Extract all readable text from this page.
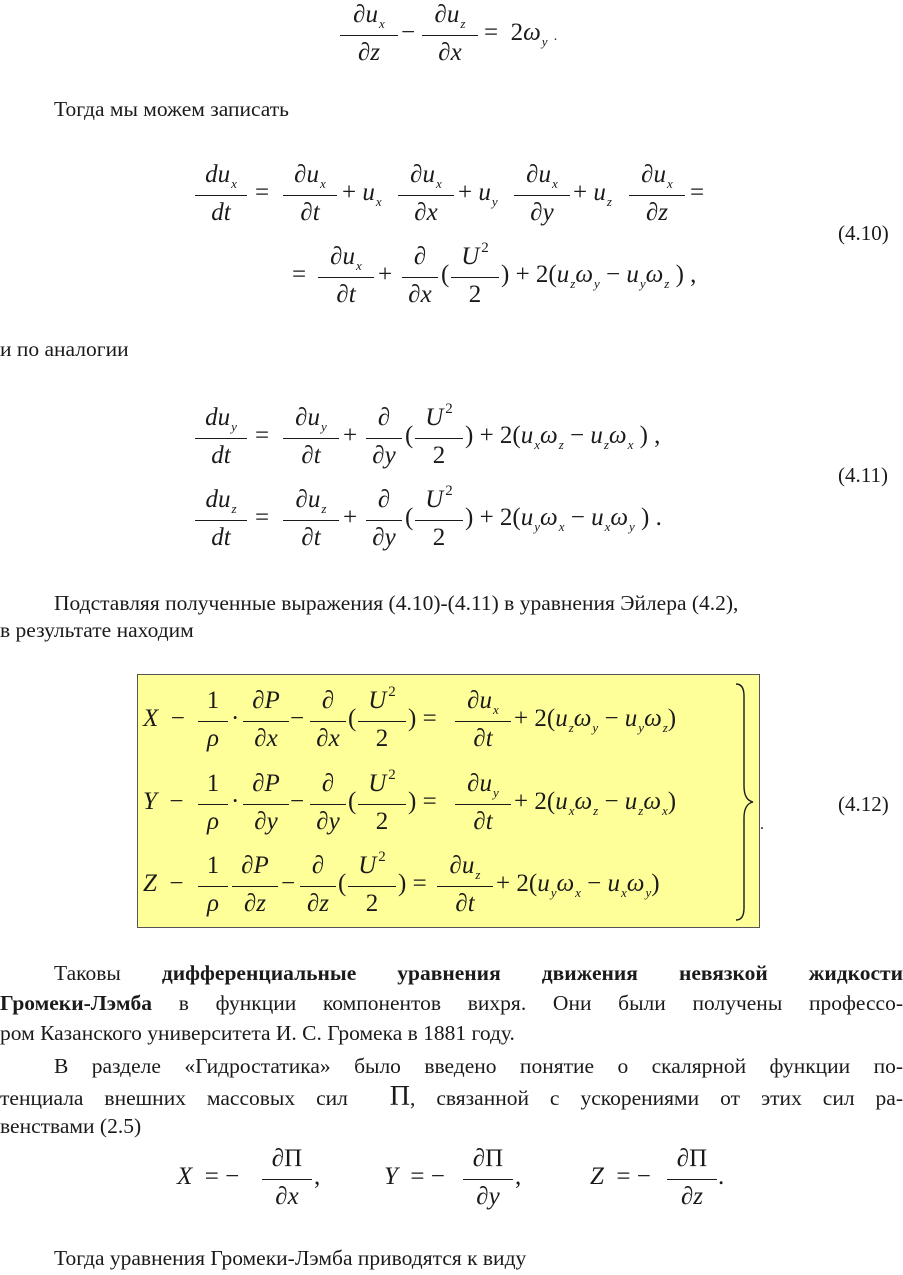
$\partial u_x$
∂z
−
$\partial u_z$
∂x
=  $2\omega_y$ .
Тогда мы можем записать
$du_x$
dt
=
$\partial u_x$
∂t
+ $u_x$
$\partial u_x$
∂x
+ $u_y$
$\partial u_x$
∂y
+ $u_z$
$\partial u_x$
∂z
=
=
$\partial u_x$
∂t
+
∂
∂x
(
U $^2$
2
) + $2(u_z\omega_y - u_y\omega_z$ ) ,
(4.10)
и по аналогии
$du_y$
dt
=
$\partial u_y$
∂t
+
∂
∂y
(
U $^2$
2
) + $2(u_x\omega_z - u_z\omega_x$ ) ,
$du_z$
dt
=
$\partial u_z$
∂t
+
∂
∂y
(
U $^2$
2
) + $2(u_y\omega_x - u_x\omega_y$ ) .
(4.11)
Подставляя полученные выражения (4.10)-(4.11) в уравнения Эйлера (4.2),
в результате находим
X  −
1
ρ
·
∂P
∂x
−
∂
∂x
(
U $^2$
2
) =
$\partial u_x$
∂t
+ $2(u_z\omega_y - u_y\omega_z)$
Y  −
1
ρ
·
∂P
∂y
−
∂
∂y
(
U $^2$
2
) =
$\partial u_y$
∂t
+ $2(u_x\omega_z - u_z\omega_x)$
Z  −
1
ρ
∂P
∂z
−
∂
∂z
(
U $^2$
2
) =
$\partial u_z$
∂t
+ $2(u_y\omega_x - u_x\omega_y)$
.
(4.12)
Таковы дифференциальные уравнения движения невязкой жидкости
Громеки-Лэмба в функции компонентов вихря. Они были получены профессо-
ром Казанского университета И. С. Громека в 1881 году.
В разделе «Гидростатика» было введено понятие о скалярной функции по-
тенциала внешних массовых сил Π, связанной с ускорениями от этих сил ра-
венствами (2.5)
X  = −
∂Π
∂x
,	Y  = −
∂Π
∂y
,	Z  = −
∂Π
∂z
.
Тогда уравнения Громеки-Лэмба приводятся к виду
